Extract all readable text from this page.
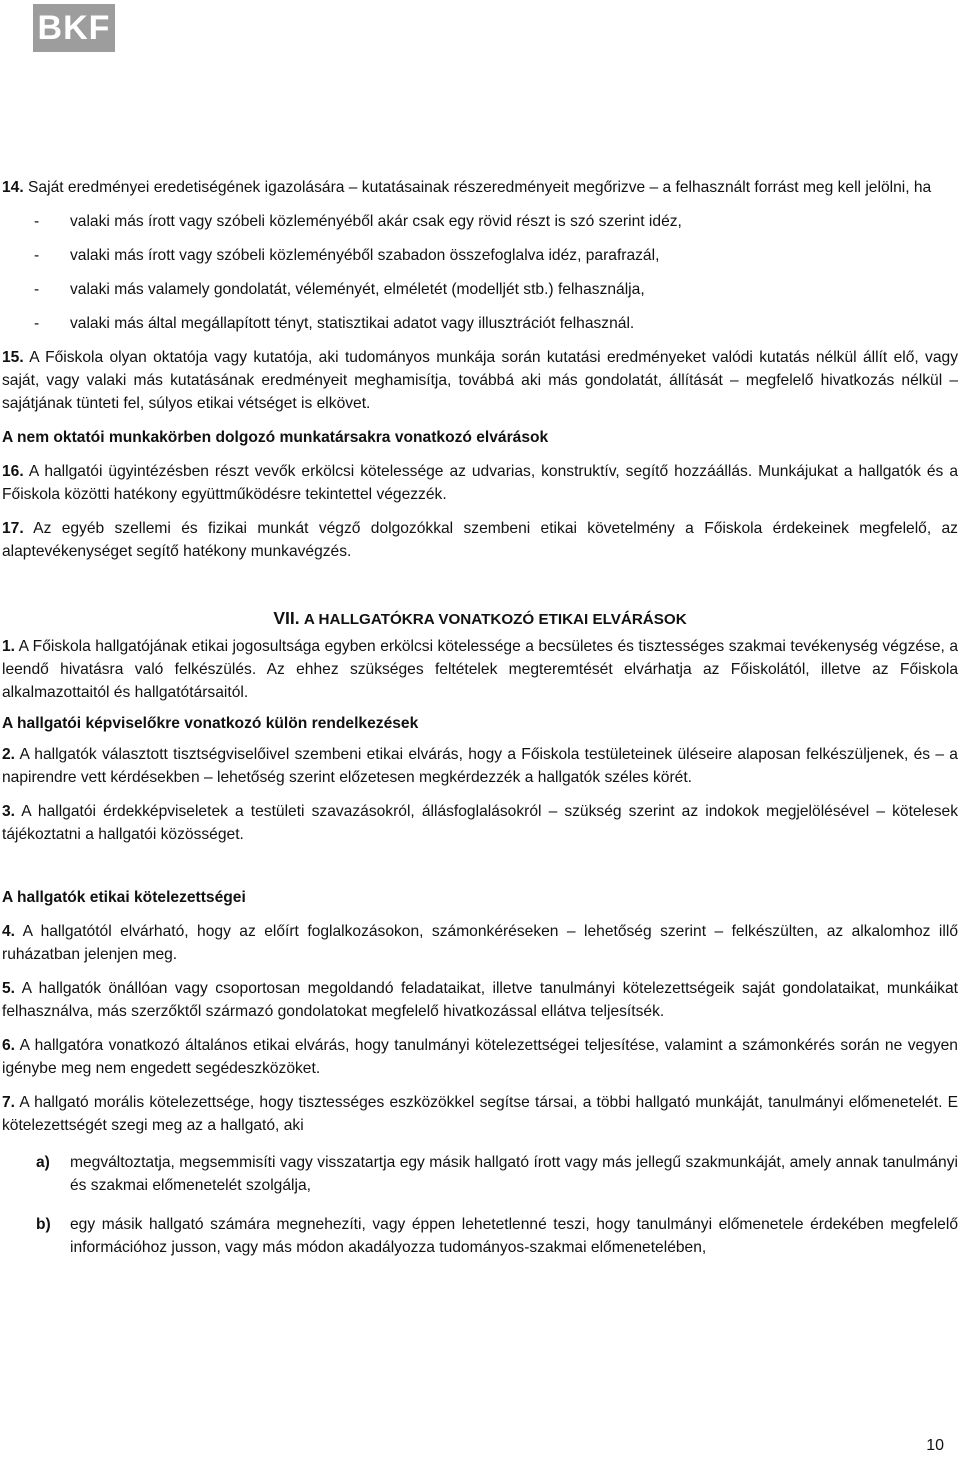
BKF

14. Saját eredményei eredetiségének igazolására – kutatásainak részeredményeit megőrizve – a felhasznált forrást meg kell jelölni, ha

- valaki más írott vagy szóbeli közleményéből akár csak egy rövid részt is szó szerint idéz,

- valaki más írott vagy szóbeli közleményéből szabadon összefoglalva idéz, parafrazál,

- valaki más valamely gondolatát, véleményét, elméletét (modelljét stb.) felhasználja,

- valaki más által megállapított tényt, statisztikai adatot vagy illusztrációt felhasznál.

15. A Főiskola olyan oktatója vagy kutatója, aki tudományos munkája során kutatási eredményeket valódi kutatás nélkül állít elő, vagy saját, vagy valaki más kutatásának eredményeit meghamisítja, továbbá aki más gondolatát, állítását – megfelelő hivatkozás nélkül – sajátjának tünteti fel, súlyos etikai vétséget is elkövet.

A nem oktatói munkakörben dolgozó munkatársakra vonatkozó elvárások

16. A hallgatói ügyintézésben részt vevők erkölcsi kötelessége az udvarias, konstruktív, segítő hozzáállás. Munkájukat a hallgatók és a Főiskola közötti hatékony együttműködésre tekintettel végezzék.

17. Az egyéb szellemi és fizikai munkát végző dolgozókkal szembeni etikai követelmény a Főiskola érdekeinek megfelelő, az alaptevékenységet segítő hatékony munkavégzés.

VII. A HALLGATÓKRA VONATKOZÓ ETIKAI ELVÁRÁSOK

1. A Főiskola hallgatójának etikai jogosultsága egyben erkölcsi kötelessége a becsületes és tisztességes szakmai tevékenység végzése, a leendő hivatásra való felkészülés. Az ehhez szükséges feltételek megteremtését elvárhatja az Főiskolától, illetve az Főiskola alkalmazottaitól és hallgatótársaitól.

A hallgatói képviselőkre vonatkozó külön rendelkezések

2. A hallgatók választott tisztségviselőivel szembeni etikai elvárás, hogy a Főiskola testületeinek üléseire alaposan felkészüljenek, és – a napirendre vett kérdésekben – lehetőség szerint előzetesen megkérdezzék a hallgatók széles körét.

3. A hallgatói érdekképviseletek a testületi szavazásokról, állásfoglalásokról – szükség szerint az indokok megjelölésével – kötelesek tájékoztatni a hallgatói közösséget.

A hallgatók etikai kötelezettségei

4. A hallgatótól elvárható, hogy az előírt foglalkozásokon, számonkéréseken – lehetőség szerint – felkészülten, az alkalomhoz illő ruházatban jelenjen meg.

5. A hallgatók önállóan vagy csoportosan megoldandó feladataikat, illetve tanulmányi kötelezettségeik saját gondolataikat, munkáikat felhasználva, más szerzőktől származó gondolatokat megfelelő hivatkozással ellátva teljesítsék.

6. A hallgatóra vonatkozó általános etikai elvárás, hogy tanulmányi kötelezettségei teljesítése, valamint a számonkérés során ne vegyen igénybe meg nem engedett segédeszközöket.

7. A hallgató morális kötelezettsége, hogy tisztességes eszközökkel segítse társai, a többi hallgató munkáját, tanulmányi előmenetelét. E kötelezettségét szegi meg az a hallgató, aki

a) megváltoztatja, megsemmisíti vagy visszatartja egy másik hallgató írott vagy más jellegű szakmunkáját, amely annak tanulmányi és szakmai előmenetelét szolgálja,

b) egy másik hallgató számára megnehezíti, vagy éppen lehetetlenné teszi, hogy tanulmányi előmenetele érdekében megfelelő információhoz jusson, vagy más módon akadályozza tudományos-szakmai előmenetelében,

10
